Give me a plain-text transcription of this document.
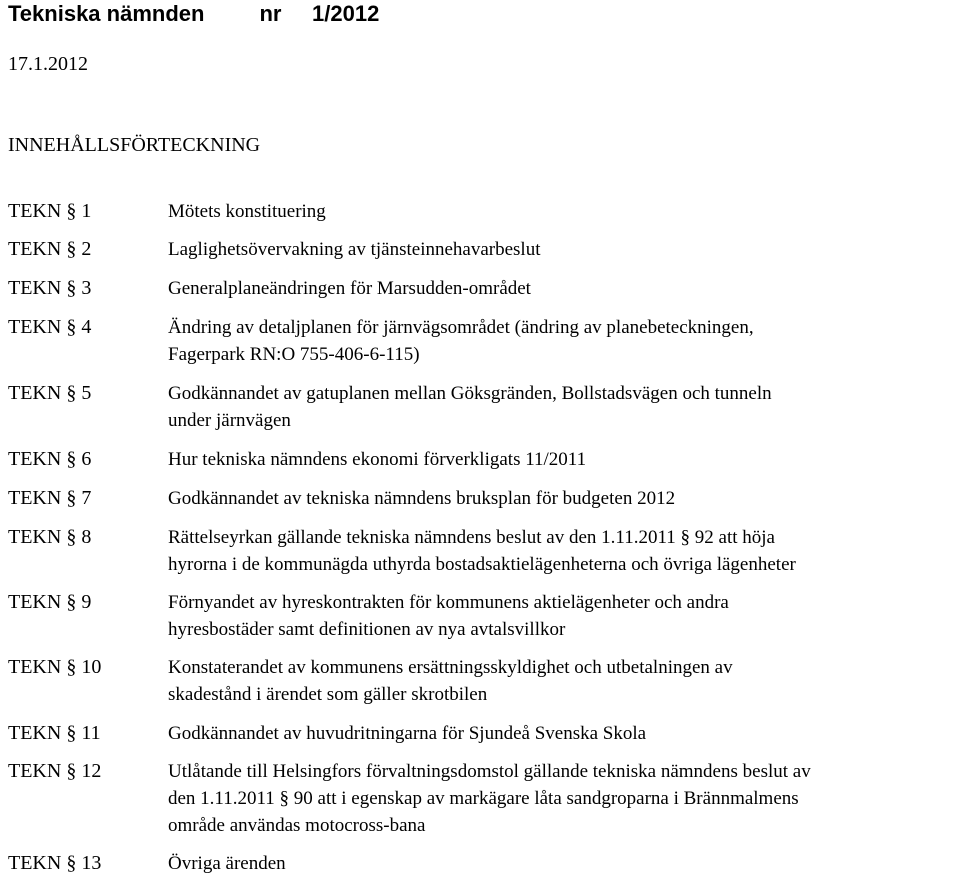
Tekniska nämnden	nr 1/2012
17.1.2012
INNEHÅLLSFÖRTECKNING
TEKN § 1	Mötets konstituering
TEKN § 2	Laglighetsövervakning av tjänsteinnehavarbeslut
TEKN § 3	Generalplaneändringen för Marsudden-området
TEKN § 4	Ändring av detaljplanen för järnvägsområdet (ändring av planebeteckningen,
Fagerpark RN:O 755-406-6-115)
TEKN § 5	Godkännandet av gatuplanen mellan Göksgränden, Bollstadsvägen och tunneln
under järnvägen
TEKN § 6	Hur tekniska nämndens ekonomi förverkligats 11/2011
TEKN § 7	Godkännandet av tekniska nämndens bruksplan för budgeten 2012
TEKN § 8	Rättelseyrkan gällande tekniska nämndens beslut av den 1.11.2011 § 92 att höja
hyrorna i de kommunägda uthyrda bostadsaktielägenheterna och övriga lägenheter
TEKN § 9	Förnyandet av hyreskontrakten för kommunens aktielägenheter och andra
hyresbostäder samt definitionen av nya avtalsvillkor
TEKN § 10	Konstaterandet av kommunens ersättningsskyldighet och utbetalningen av
skadestånd i ärendet som gäller skrotbilen
TEKN § 11	Godkännandet av huvudritningarna för Sjundeå Svenska Skola
TEKN § 12	Utlåtande till Helsingfors förvaltningsdomstol gällande tekniska nämndens beslut av
den 1.11.2011 § 90 att i egenskap av markägare låta sandgroparna i Brännmalmens
område användas motocross-bana
TEKN § 13	Övriga ärenden
